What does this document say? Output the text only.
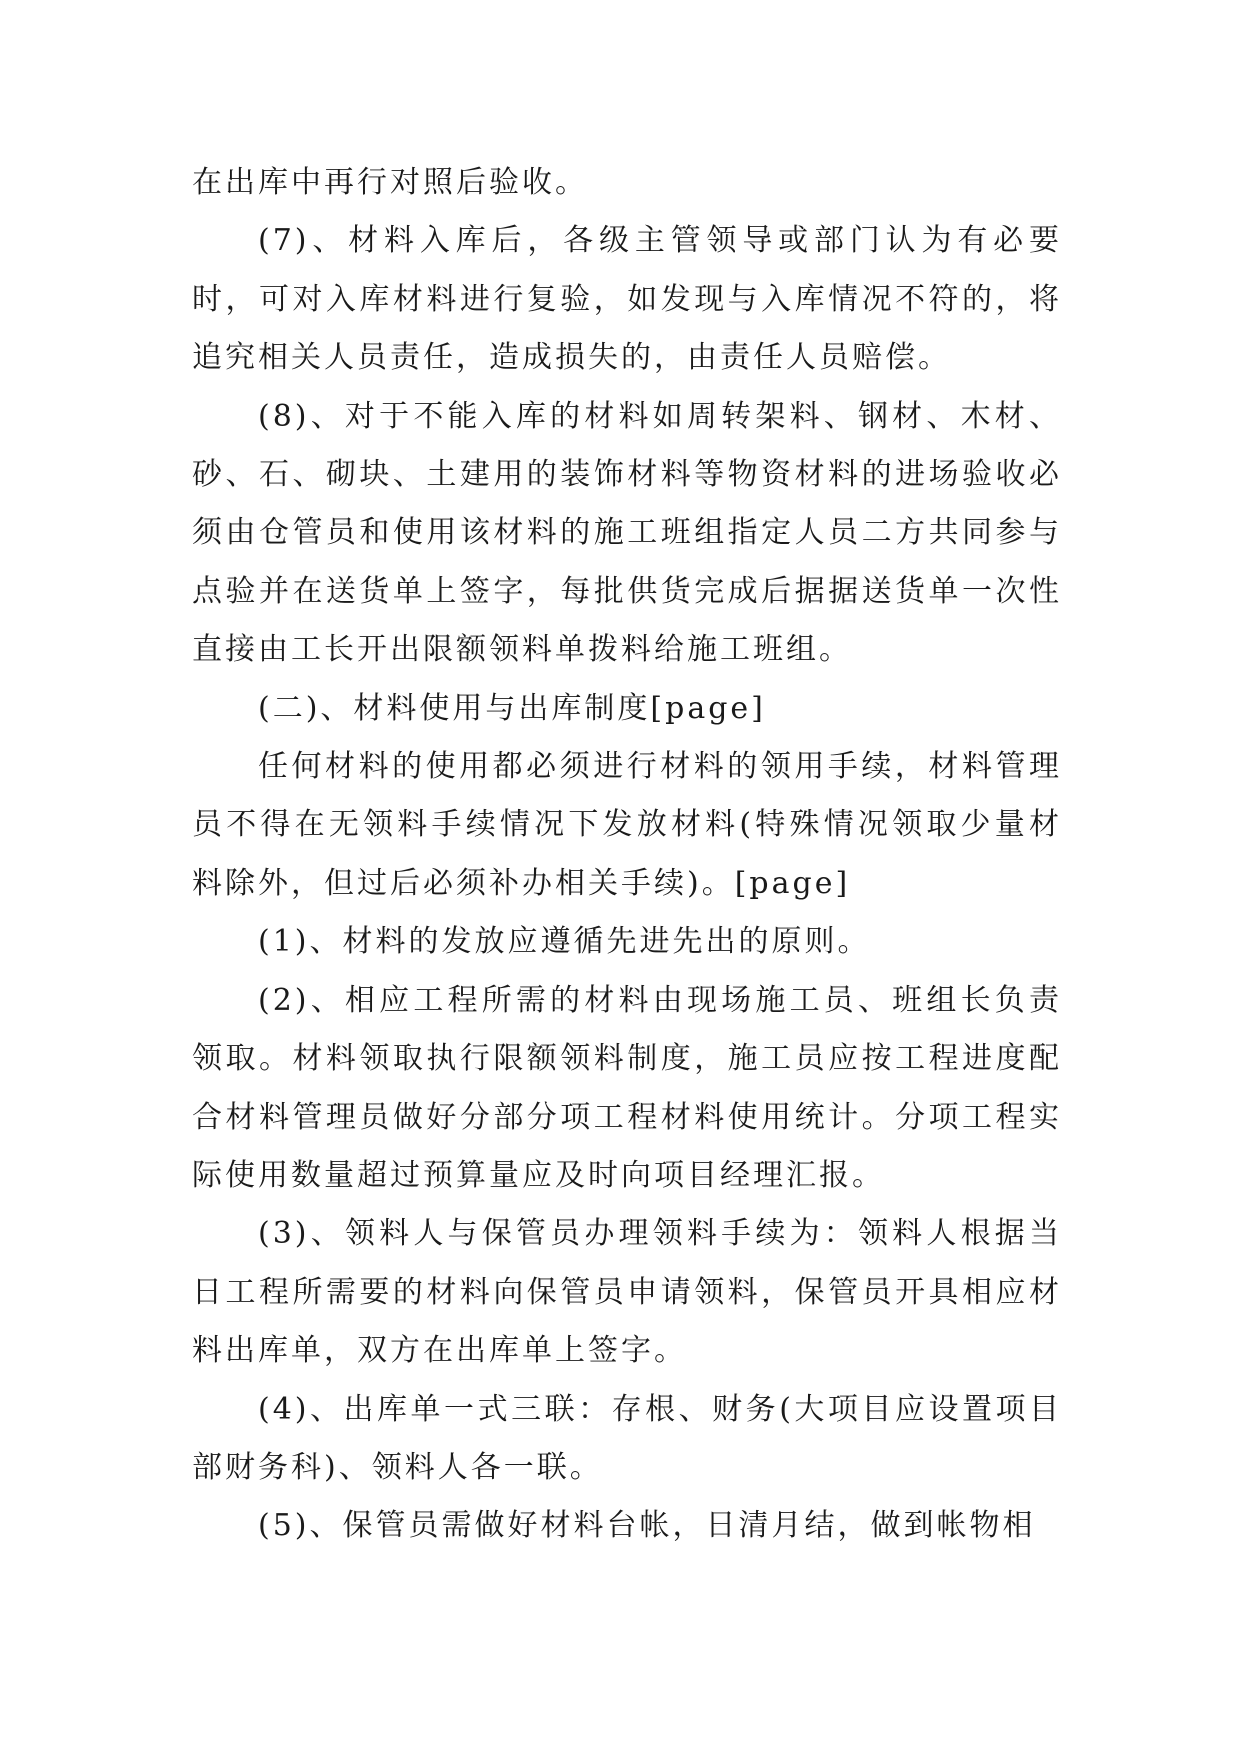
在出库中再行对照后验收。

(7)、材料入库后，各级主管领导或部门认为有必要时，可对入库材料进行复验，如发现与入库情况不符的，将追究相关人员责任，造成损失的，由责任人员赔偿。

(8)、对于不能入库的材料如周转架料、钢材、木材、砂、石、砌块、土建用的装饰材料等物资材料的进场验收必须由仓管员和使用该材料的施工班组指定人员二方共同参与点验并在送货单上签字，每批供货完成后据据送货单一次性直接由工长开出限额领料单拨料给施工班组。

(二)、材料使用与出库制度[page]

任何材料的使用都必须进行材料的领用手续，材料管理员不得在无领料手续情况下发放材料(特殊情况领取少量材料除外，但过后必须补办相关手续)。[page]

(1)、材料的发放应遵循先进先出的原则。

(2)、相应工程所需的材料由现场施工员、班组长负责领取。材料领取执行限额领料制度，施工员应按工程进度配合材料管理员做好分部分项工程材料使用统计。分项工程实际使用数量超过预算量应及时向项目经理汇报。

(3)、领料人与保管员办理领料手续为：领料人根据当日工程所需要的材料向保管员申请领料，保管员开具相应材料出库单，双方在出库单上签字。

(4)、出库单一式三联：存根、财务(大项目应设置项目部财务科)、领料人各一联。

(5)、保管员需做好材料台帐，日清月结，做到帐物相
